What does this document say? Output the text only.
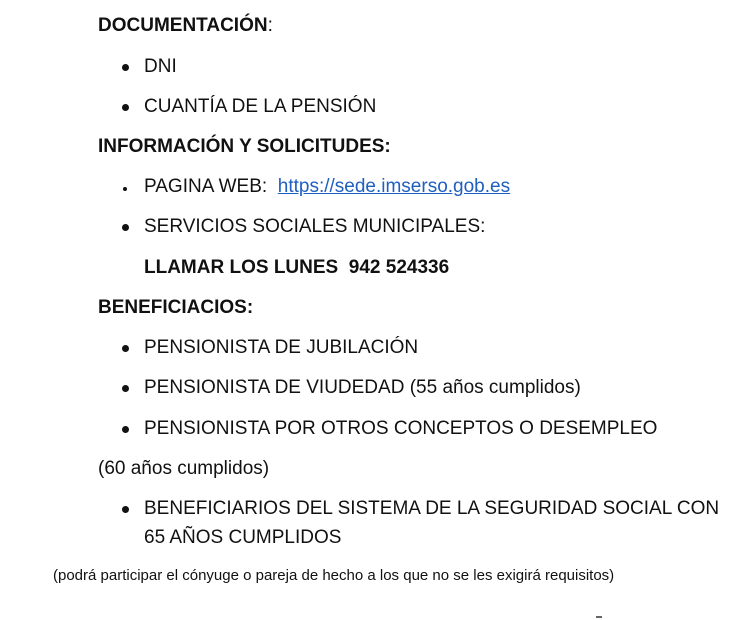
DOCUMENTACIÓN:
DNI
CUANTÍA DE LA PENSIÓN
INFORMACIÓN Y SOLICITUDES:
PAGINA WEB: https://sede.imserso.gob.es
SERVICIOS SOCIALES MUNICIPALES:
LLAMAR LOS LUNES  942 524336
BENEFICIACIOS:
PENSIONISTA DE JUBILACIÓN
PENSIONISTA DE VIUDEDAD (55 años cumplidos)
PENSIONISTA POR OTROS CONCEPTOS O DESEMPLEO
(60 años cumplidos)
BENEFICIARIOS DEL SISTEMA DE LA SEGURIDAD SOCIAL CON
65 AÑOS CUMPLIDOS
(podrá participar el cónyuge o pareja de hecho a los que no se les exigirá requisitos)
